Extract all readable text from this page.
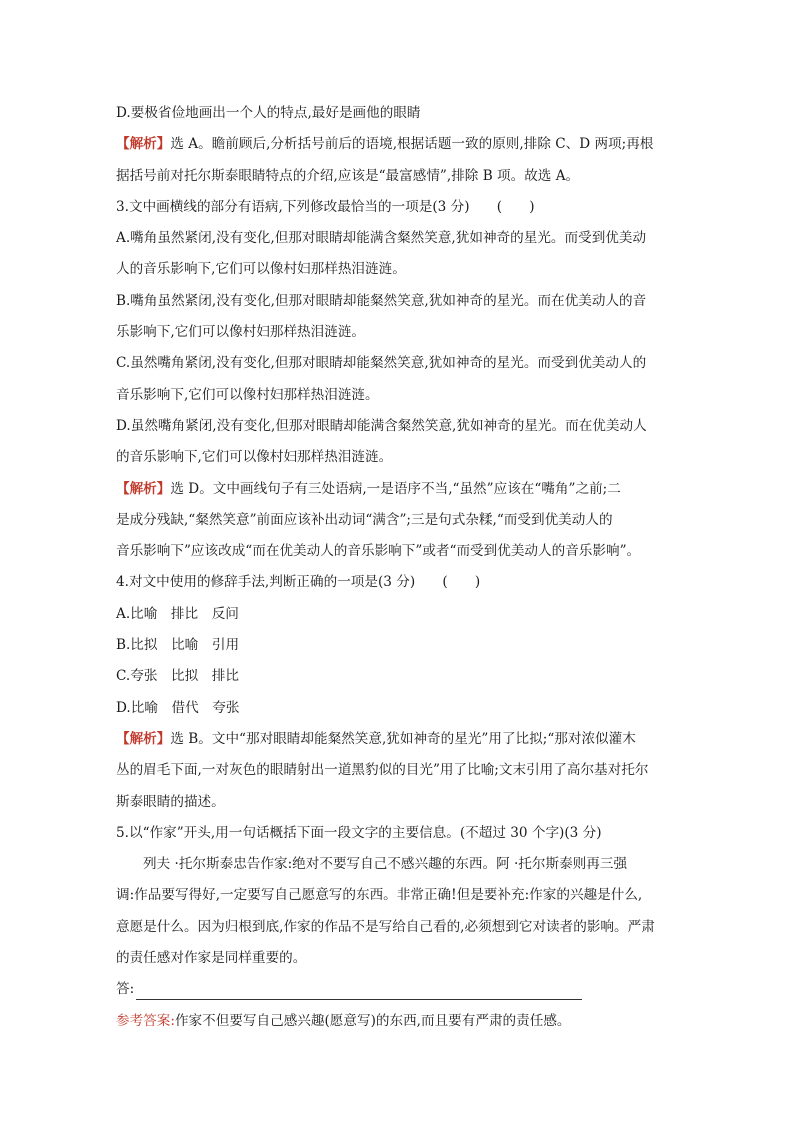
D.要极省俭地画出一个人的特点,最好是画他的眼睛
【解析】选 A。瞻前顾后,分析括号前后的语境,根据话题一致的原则,排除 C、D 两项;再根
据括号前对托尔斯泰眼睛特点的介绍,应该是“最富感情”,排除 B 项。故选 A。
3.文中画横线的部分有语病,下列修改最恰当的一项是(3 分)　　(　　)
A.嘴角虽然紧闭,没有变化,但那对眼睛却能满含粲然笑意,犹如神奇的星光。而受到优美动
人的音乐影响下,它们可以像村妇那样热泪涟涟。
B.嘴角虽然紧闭,没有变化,但那对眼睛却能粲然笑意,犹如神奇的星光。而在优美动人的音
乐影响下,它们可以像村妇那样热泪涟涟。
C.虽然嘴角紧闭,没有变化,但那对眼睛却能粲然笑意,犹如神奇的星光。而受到优美动人的
音乐影响下,它们可以像村妇那样热泪涟涟。
D.虽然嘴角紧闭,没有变化,但那对眼睛却能满含粲然笑意,犹如神奇的星光。而在优美动人
的音乐影响下,它们可以像村妇那样热泪涟涟。
【解析】选 D。文中画线句子有三处语病,一是语序不当,“虽然”应该在“嘴角”之前;二
是成分残缺,“粲然笑意”前面应该补出动词“满含”;三是句式杂糅,“而受到优美动人的
音乐影响下”应该改成“而在优美动人的音乐影响下”或者“而受到优美动人的音乐影响”。
4.对文中使用的修辞手法,判断正确的一项是(3 分)　　(　　)
A.比喻　排比　反问
B.比拟　比喻　引用
C.夸张　比拟　排比
D.比喻　借代　夸张
【解析】选 B。文中“那对眼睛却能粲然笑意,犹如神奇的星光”用了比拟;“那对浓似灌木
丛的眉毛下面,一对灰色的眼睛射出一道黑豹似的目光”用了比喻;文末引用了高尔基对托尔
斯泰眼睛的描述。
5.以“作家”开头,用一句话概括下面一段文字的主要信息。(不超过 30 个字)(3 分)
列夫 ·托尔斯泰忠告作家:绝对不要写自己不感兴趣的东西。阿 ·托尔斯泰则再三强
调:作品要写得好,一定要写自己愿意写的东西。非常正确!但是要补充:作家的兴趣是什么,
意愿是什么。因为归根到底,作家的作品不是写给自己看的,必须想到它对读者的影响。严肃
的责任感对作家是同样重要的。
答:
参考答案:作家不但要写自己感兴趣(愿意写)的东西,而且要有严肃的责任感。
